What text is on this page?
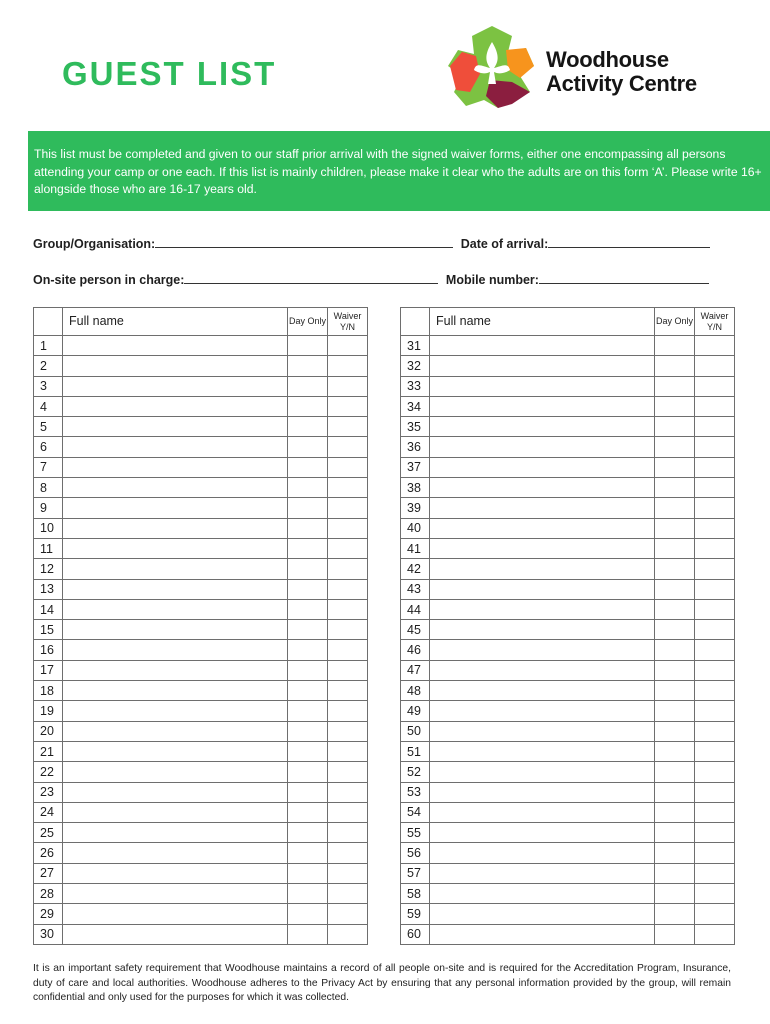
GUEST LIST	Woodhouse
Activity Centre

This list must be completed and given to our staff prior arrival with the signed waiver forms, either one encompassing all persons attending your camp or one each. If this list is mainly children, please make it clear who the adults are on this form ‘A’. Please write 16+ alongside those who are 16-17 years old.

Group/Organisation:	Date of arrival:
On-site person in charge:	Mobile number:
	Full name	Day Only	Waiver Y/N
1			
2			
3			
4			
5			
6			
7			
8			
9			
10			
11			
12			
13			
14			
15			
16			
17			
18			
19			
20			
21			
22			
23			
24			
25			
26			
27			
28			
29			
30			
	Full name	Day Only	Waiver Y/N
31			
32			
33			
34			
35			
36			
37			
38			
39			
40			
41			
42			
43			
44			
45			
46			
47			
48			
49			
50			
51			
52			
53			
54			
55			
56			
57			
58			
59			
60			
It is an important safety requirement that Woodhouse maintains a record of all people on-site and is required for the Accreditation Program, Insurance, duty of care and local authorities. Woodhouse adheres to the Privacy Act by ensuring that any personal information provided by the group, will remain confidential and only used for the purposes for which it was collected.
